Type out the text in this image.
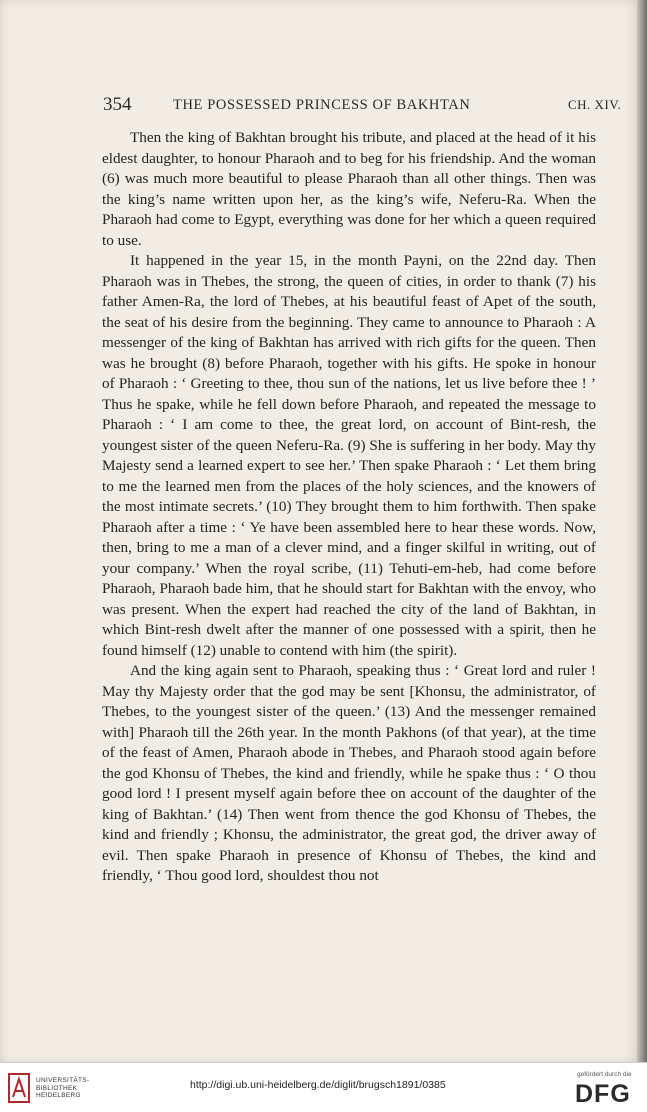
354	THE POSSESSED PRINCESS OF BAKHTAN	CH. XIV.

Then the king of Bakhtan brought his tribute, and placed at the head of it his eldest daughter, to honour Pharaoh and to beg for his friendship. And the woman (6) was much more beautiful to please Pharaoh than all other things. Then was the king’s name written upon her, as the king’s wife, Neferu-Ra. When the Pharaoh had come to Egypt, everything was done for her which a queen required to use.

It happened in the year 15, in the month Payni, on the 22nd day. Then Pharaoh was in Thebes, the strong, the queen of cities, in order to thank (7) his father Amen-Ra, the lord of Thebes, at his beautiful feast of Apet of the south, the seat of his desire from the beginning. They came to announce to Pharaoh : A messenger of the king of Bakhtan has arrived with rich gifts for the queen. Then was he brought (8) before Pharaoh, together with his gifts. He spoke in honour of Pharaoh : ‘ Greeting to thee, thou sun of the nations, let us live before thee ! ’ Thus he spake, while he fell down before Pharaoh, and repeated the message to Pharaoh : ‘ I am come to thee, the great lord, on account of Bint-resh, the youngest sister of the queen Neferu-Ra. (9) She is suffering in her body. May thy Majesty send a learned expert to see her.’ Then spake Pharaoh : ‘ Let them bring to me the learned men from the places of the holy sciences, and the knowers of the most intimate secrets.’ (10) They brought them to him forthwith. Then spake Pharaoh after a time : ‘ Ye have been assembled here to hear these words. Now, then, bring to me a man of a clever mind, and a finger skilful in writing, out of your company.’ When the royal scribe, (11) Tehuti-em-heb, had come before Pharaoh, Pharaoh bade him, that he should start for Bakhtan with the envoy, who was present. When the expert had reached the city of the land of Bakhtan, in which Bint-resh dwelt after the manner of one possessed with a spirit, then he found himself (12) unable to contend with him (the spirit).

And the king again sent to Pharaoh, speaking thus : ‘ Great lord and ruler ! May thy Majesty order that the god may be sent [Khonsu, the administrator, of Thebes, to the youngest sister of the queen.’ (13) And the messenger remained with] Pharaoh till the 26th year. In the month Pakhons (of that year), at the time of the feast of Amen, Pharaoh abode in Thebes, and Pharaoh stood again before the god Khonsu of Thebes, the kind and friendly, while he spake thus : ‘ O thou good lord ! I present myself again before thee on account of the daughter of the king of Bakhtan.’ (14) Then went from thence the god Khonsu of Thebes, the kind and friendly ; Khonsu, the administrator, the great god, the driver away of evil. Then spake Pharaoh in presence of Khonsu of Thebes, the kind and friendly, ‘ Thou good lord, shouldest thou not

UNIVERSITÄTS-
BIBLIOTHEK
HEIDELBERG
http://digi.ub.uni-heidelberg.de/diglit/brugsch1891/0385
gefördert durch die
DFG
